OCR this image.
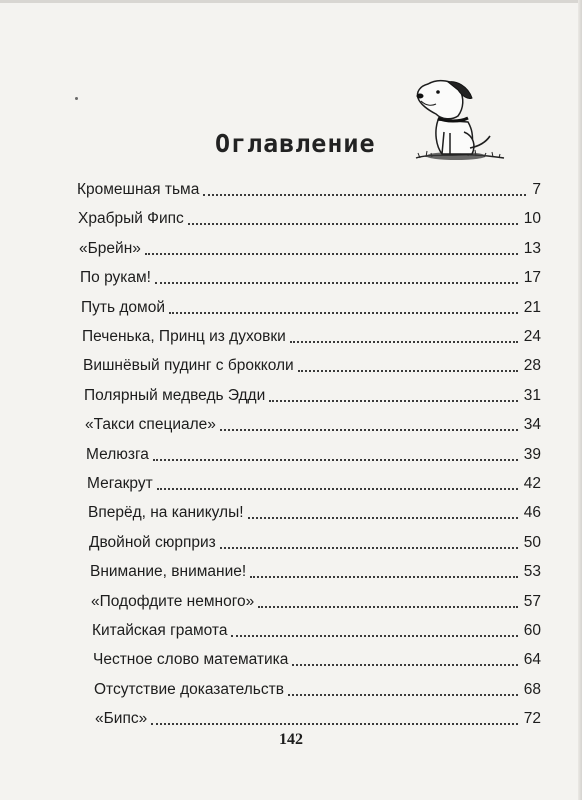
Оглавление
Кромешная тьма	7
Храбрый Фипс	10
«Брейн»	13
По рукам!	17
Путь домой	21
Печенька, Принц из духовки	24
Вишнёвый пудинг с брокколи	28
Полярный медведь Эдди	31
«Такси специале»	34
Мелюзга	39
Мегакрут	42
Вперёд, на каникулы!	46
Двойной сюрприз	50
Внимание, внимание!	53
«Подофдите немного»	57
Китайская грамота	60
Честное слово математика	64
Отсутствие доказательств	68
«Бипс»	72
142
